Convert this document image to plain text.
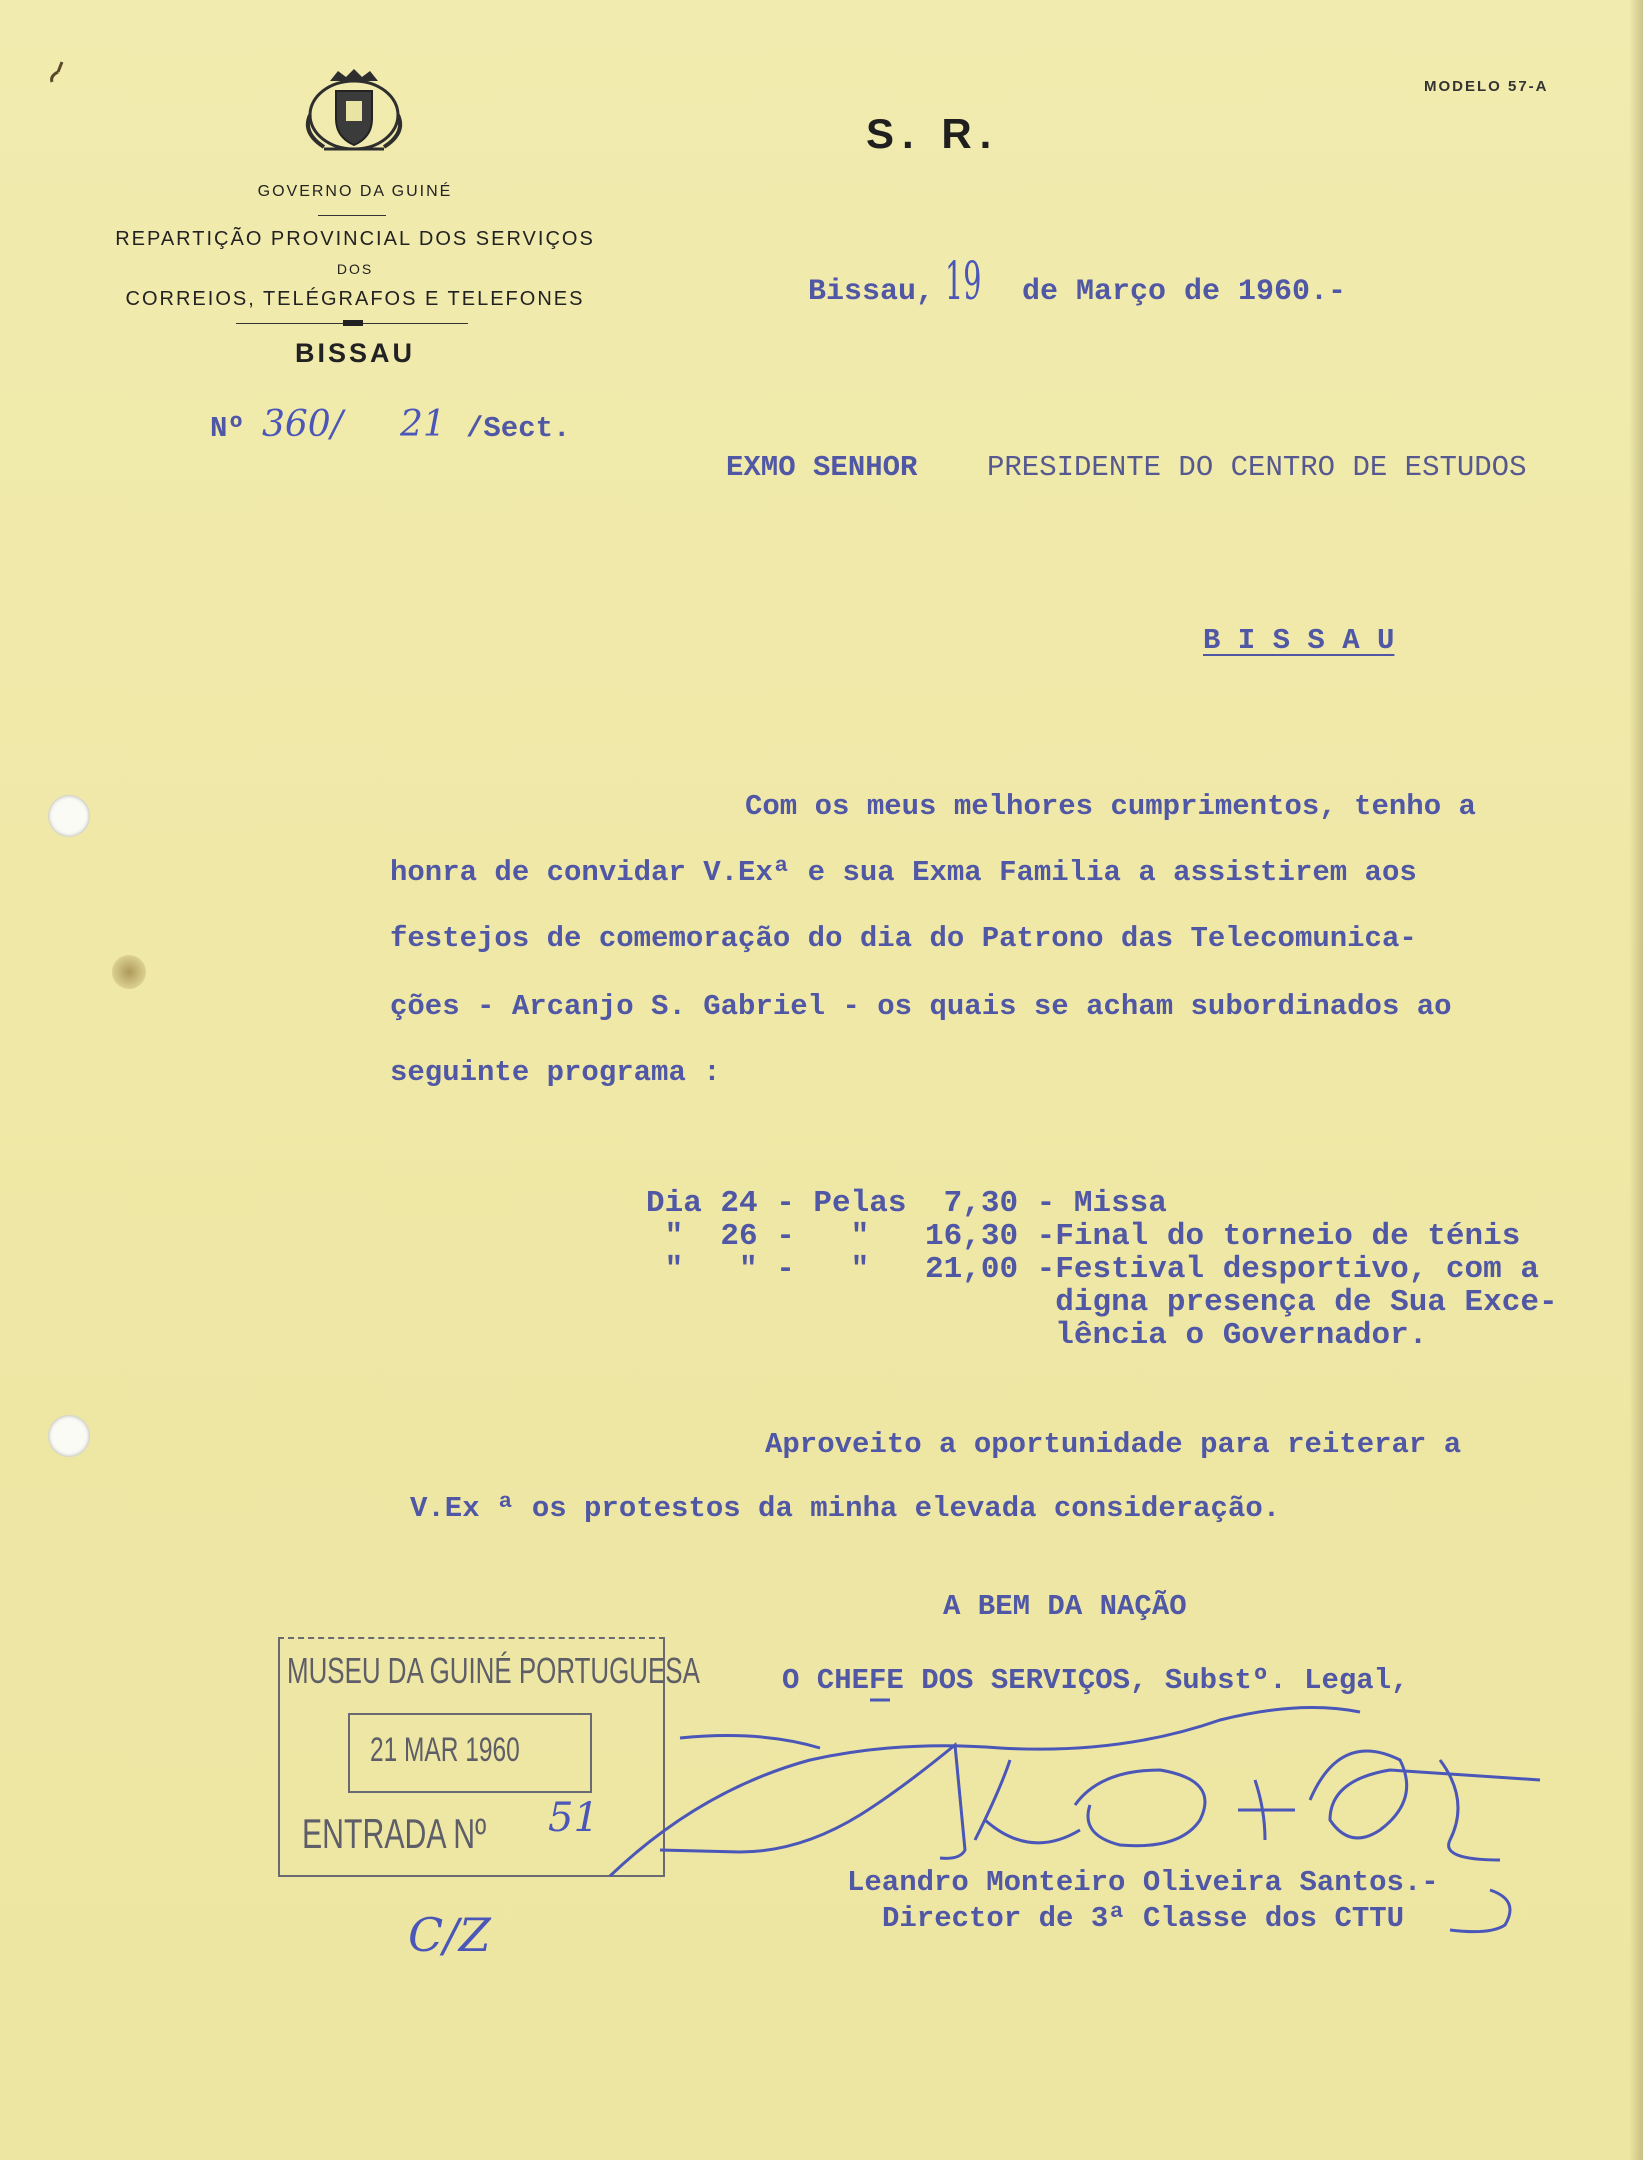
GOVERNO DA GUINÉ
REPARTIÇÃO PROVINCIAL DOS SERVIÇOS
DOS
CORREIOS, TELÉGRAFOS E TELEFONES
BISSAU
MODELO 57-A
S. R.
Nº 360/ 21 /Sect.
Bissau, 19 de Março de 1960.-
EXMO SENHOR PRESIDENTE DO CENTRO DE ESTUDOS
B I S S A U
Com os meus melhores cumprimentos, tenho a
honra de convidar V.Exª e sua Exma Familia a assistirem aos
festejos de comemoração do dia do Patrono das Telecomunica-
ções - Arcanjo S. Gabriel - os quais se acham subordinados ao
seguinte programa :
Dia 24 - Pelas  7,30 - Missa
"  26 -   "   16,30 -Final do torneio de ténis
"   " -   "   21,00 -Festival desportivo, com a
digna presença de Sua Exce-
lência o Governador.
Aproveito a oportunidade para reiterar a
V.Ex ª os protestos da minha elevada consideração.
A BEM DA NAÇÃO
O CHEFE DOS SERVIÇOS, Substº. Legal,
MUSEU DA GUINÉ PORTUGUESA
21 MAR 1960
ENTRADA Nº 51
Leandro Monteiro Oliveira Santos.-
Director de 3ª Classe dos CTTU
C/Z
